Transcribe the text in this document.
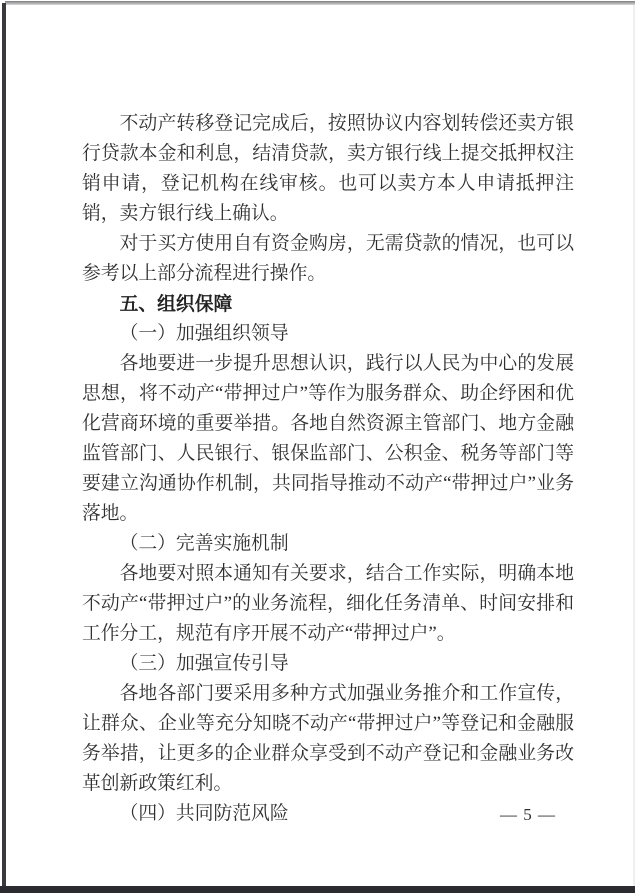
不动产转移登记完成后，按照协议内容划转偿还卖方银行贷款本金和利息，结清贷款，卖方银行线上提交抵押权注销申请，登记机构在线审核。也可以卖方本人申请抵押注销，卖方银行线上确认。

对于买方使用自有资金购房，无需贷款的情况，也可以参考以上部分流程进行操作。

五、组织保障
（一）加强组织领导

各地要进一步提升思想认识，践行以人民为中心的发展思想，将不动产“带押过户”等作为服务群众、助企纾困和优化营商环境的重要举措。各地自然资源主管部门、地方金融监管部门、人民银行、银保监部门、公积金、税务等部门等要建立沟通协作机制，共同指导推动不动产“带押过户”业务落地。

（二）完善实施机制

各地要对照本通知有关要求，结合工作实际，明确本地不动产“带押过户”的业务流程，细化任务清单、时间安排和工作分工，规范有序开展不动产“带押过户”。

（三）加强宣传引导

各地各部门要采用多种方式加强业务推介和工作宣传，让群众、企业等充分知晓不动产“带押过户”等登记和金融服务举措，让更多的企业群众享受到不动产登记和金融业务改革创新政策红利。

（四）共同防范风险	— 5 —
